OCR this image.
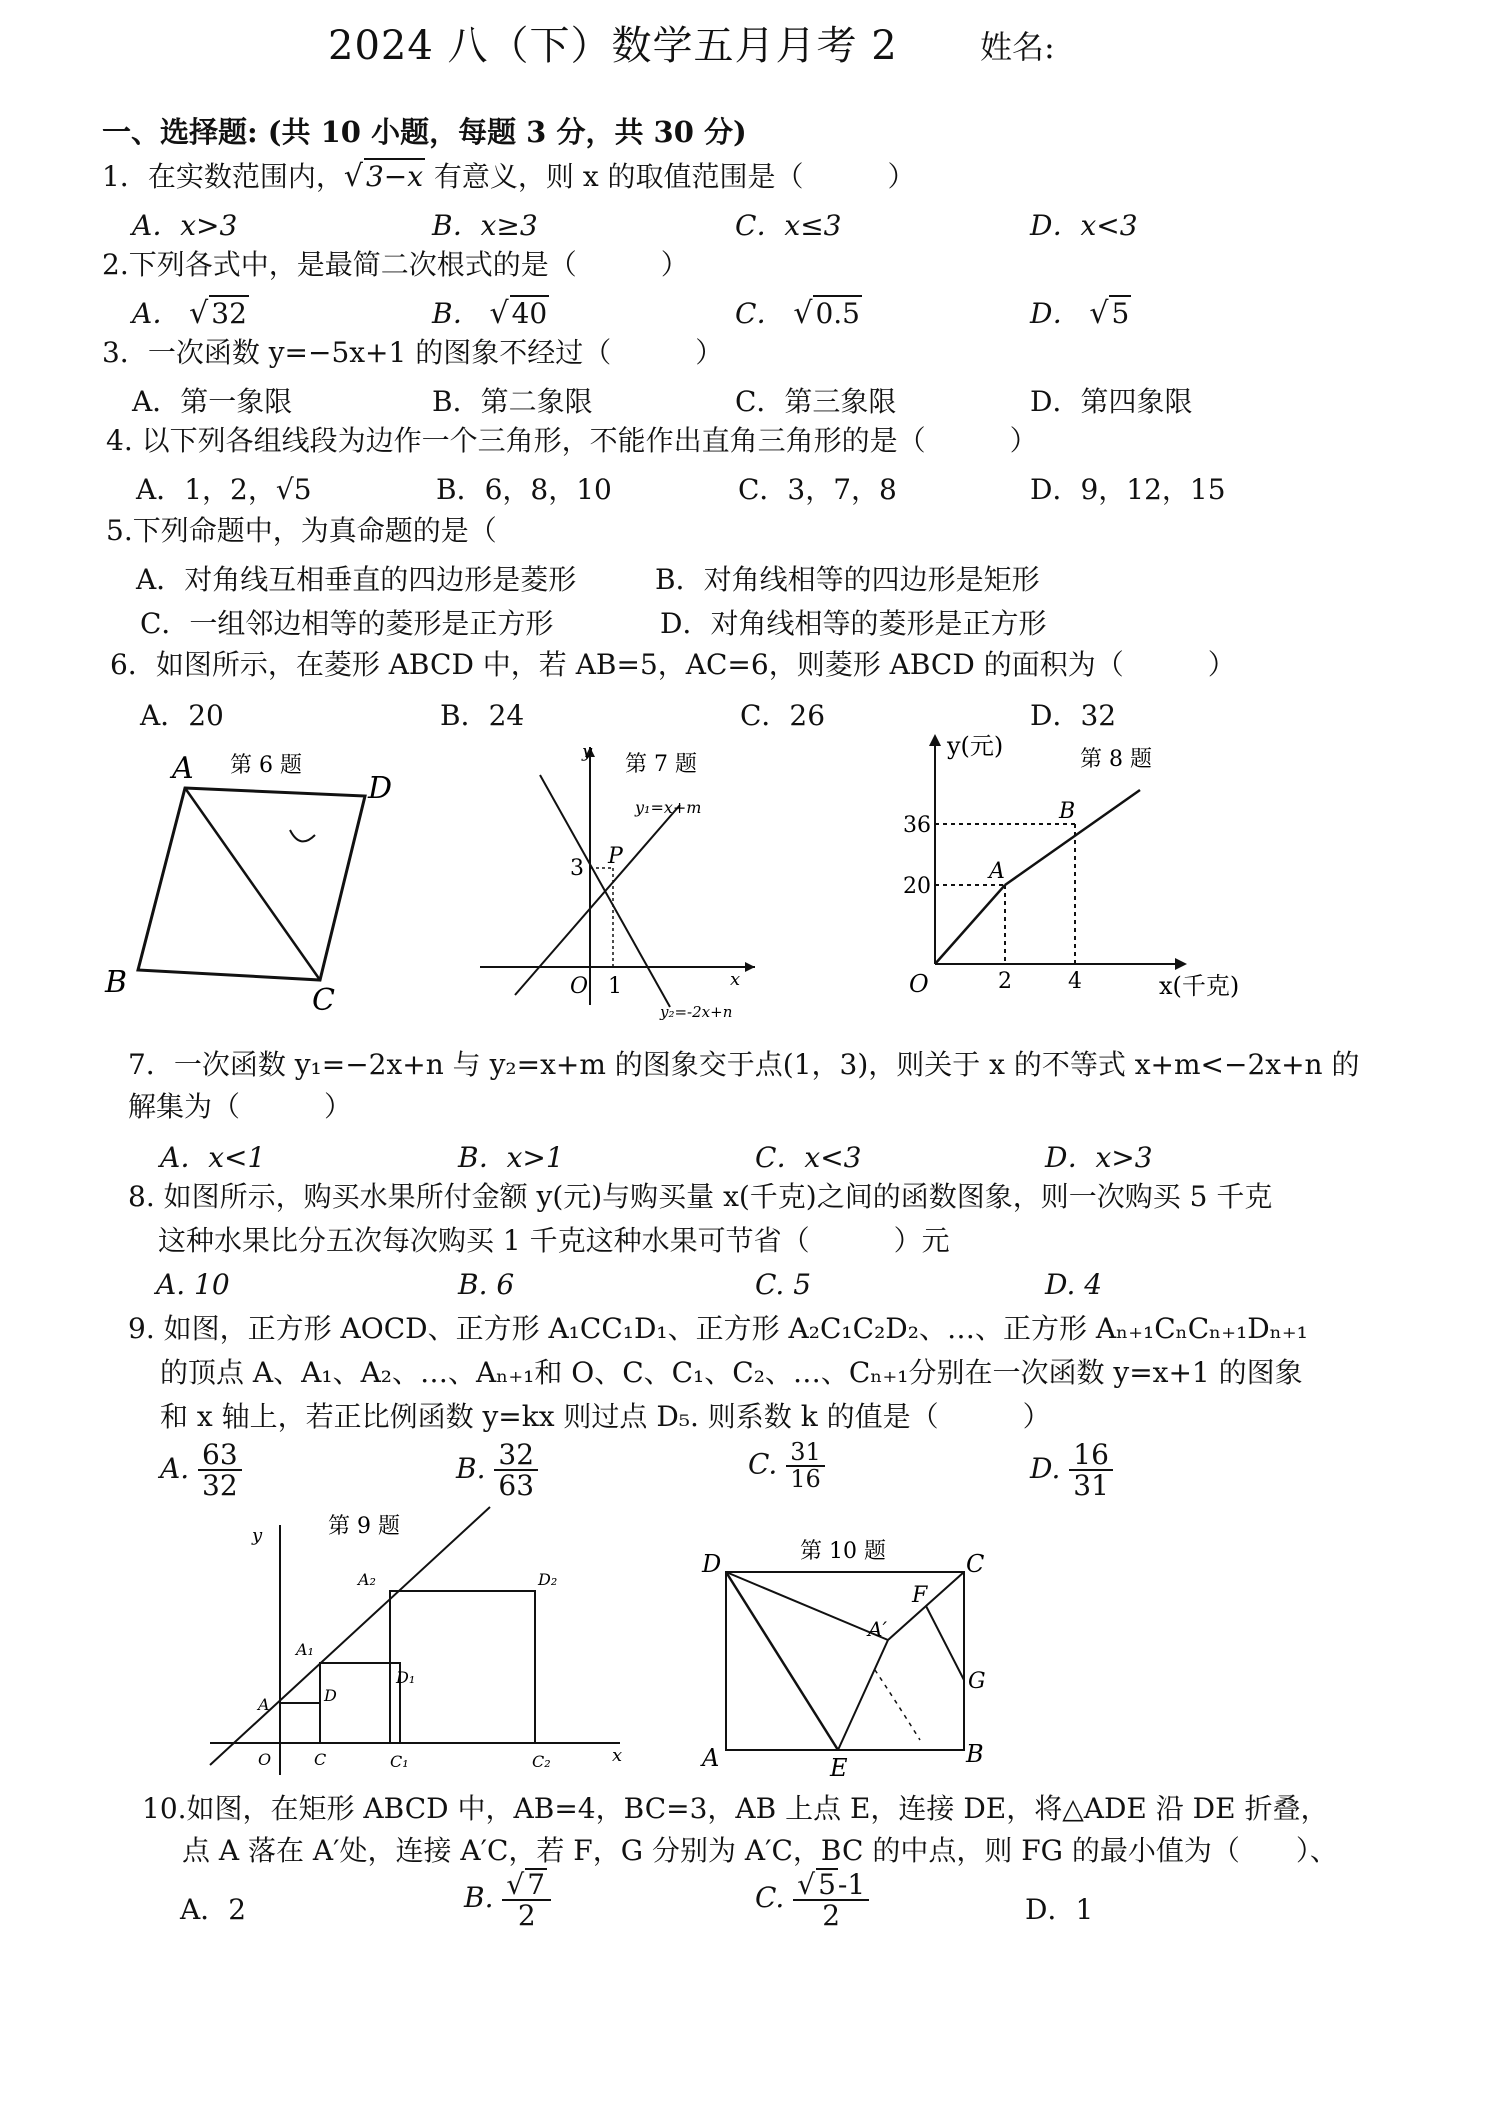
2024 八（下）数学五月月考 2	姓名:
一、选择题: (共 10 小题，每题 3 分，共 30 分)
1．在实数范围内，√ 3−x 有意义，则 x 的取值范围是（　　　）
A．x>3	B．x≥3	C．x≤3	D．x<3
2.下列各式中，是最简二次根式的是（　　　）
A． √ 32	B． √ 40	C． √ 0.5	D． √ 5
3．一次函数 y=−5x+1 的图象不经过（　　　）
A．第一象限	B．第二象限	C．第三象限	D．第四象限
4. 以下列各组线段为边作一个三角形，不能作出直角三角形的是（　　　）
A．1，2，√5	B．6，8，10	C．3，7，8	D．9，12，15
5.下列命题中，为真命题的是（
A．对角线互相垂直的四边形是菱形	B．对角线相等的四边形是矩形
C．一组邻边相等的菱形是正方形	D．对角线相等的菱形是正方形
6．如图所示，在菱形 ABCD 中，若 AB=5，AC=6，则菱形 ABCD 的面积为（　　　）
A．20	B．24	C．26	D．32
第 6 题
A
D
B
C
第 7 题
y
x
O
P
y₁=x+m
y₂=-2x+n
3
1
y(元)	第 8 题
x(千克)
O
A
B
36
20
2	4
7．一次函数 y₁=−2x+n 与 y₂=x+m 的图象交于点(1，3)，则关于 x 的不等式 x+m<−2x+n 的
解集为（　　　）
A．x<1	B．x>1	C．x<3	D．x>3
8. 如图所示，购买水果所付金额 y(元)与购买量 x(千克)之间的函数图象，则一次购买 5 千克
这种水果比分五次每次购买 1 千克这种水果可节省（　　　）元
A. 10	B. 6	C. 5	D. 4
9. 如图，正方形 AOCD、正方形 A₁CC₁D₁、正方形 A₂C₁C₂D₂、…、正方形 Aₙ₊₁CₙCₙ₊₁Dₙ₊₁
的顶点 A、A₁、A₂、…、Aₙ₊₁和 O、C、C₁、C₂、…、Cₙ₊₁分别在一次函数 y=x+1 的图象
和 x 轴上，若正比例函数 y=kx 则过点 D₅. 则系数 k 的值是（　　　）
A. $\frac{63}{32}$	B. $\frac{32}{63}$	C. $\frac{31}{16}$	D. $\frac{16}{31}$
第 9 题
y
x
A
A₁
A₂
D
D₁
D₂
O	C	C₁	C₂
第 10 题
D	C
F
A′
G
A	E	B
10.如图，在矩形 ABCD 中，AB=4，BC=3，AB 上点 E，连接 DE，将△ADE 沿 DE 折叠，
点 A 落在 A′处，连接 A′C，若 F，G 分别为 A′C，BC 的中点，则 FG 的最小值为（　　）、
A．2	B. $\frac{√ 7}{2}$	C. $\frac{√ 5-1}{2}$	D．1
